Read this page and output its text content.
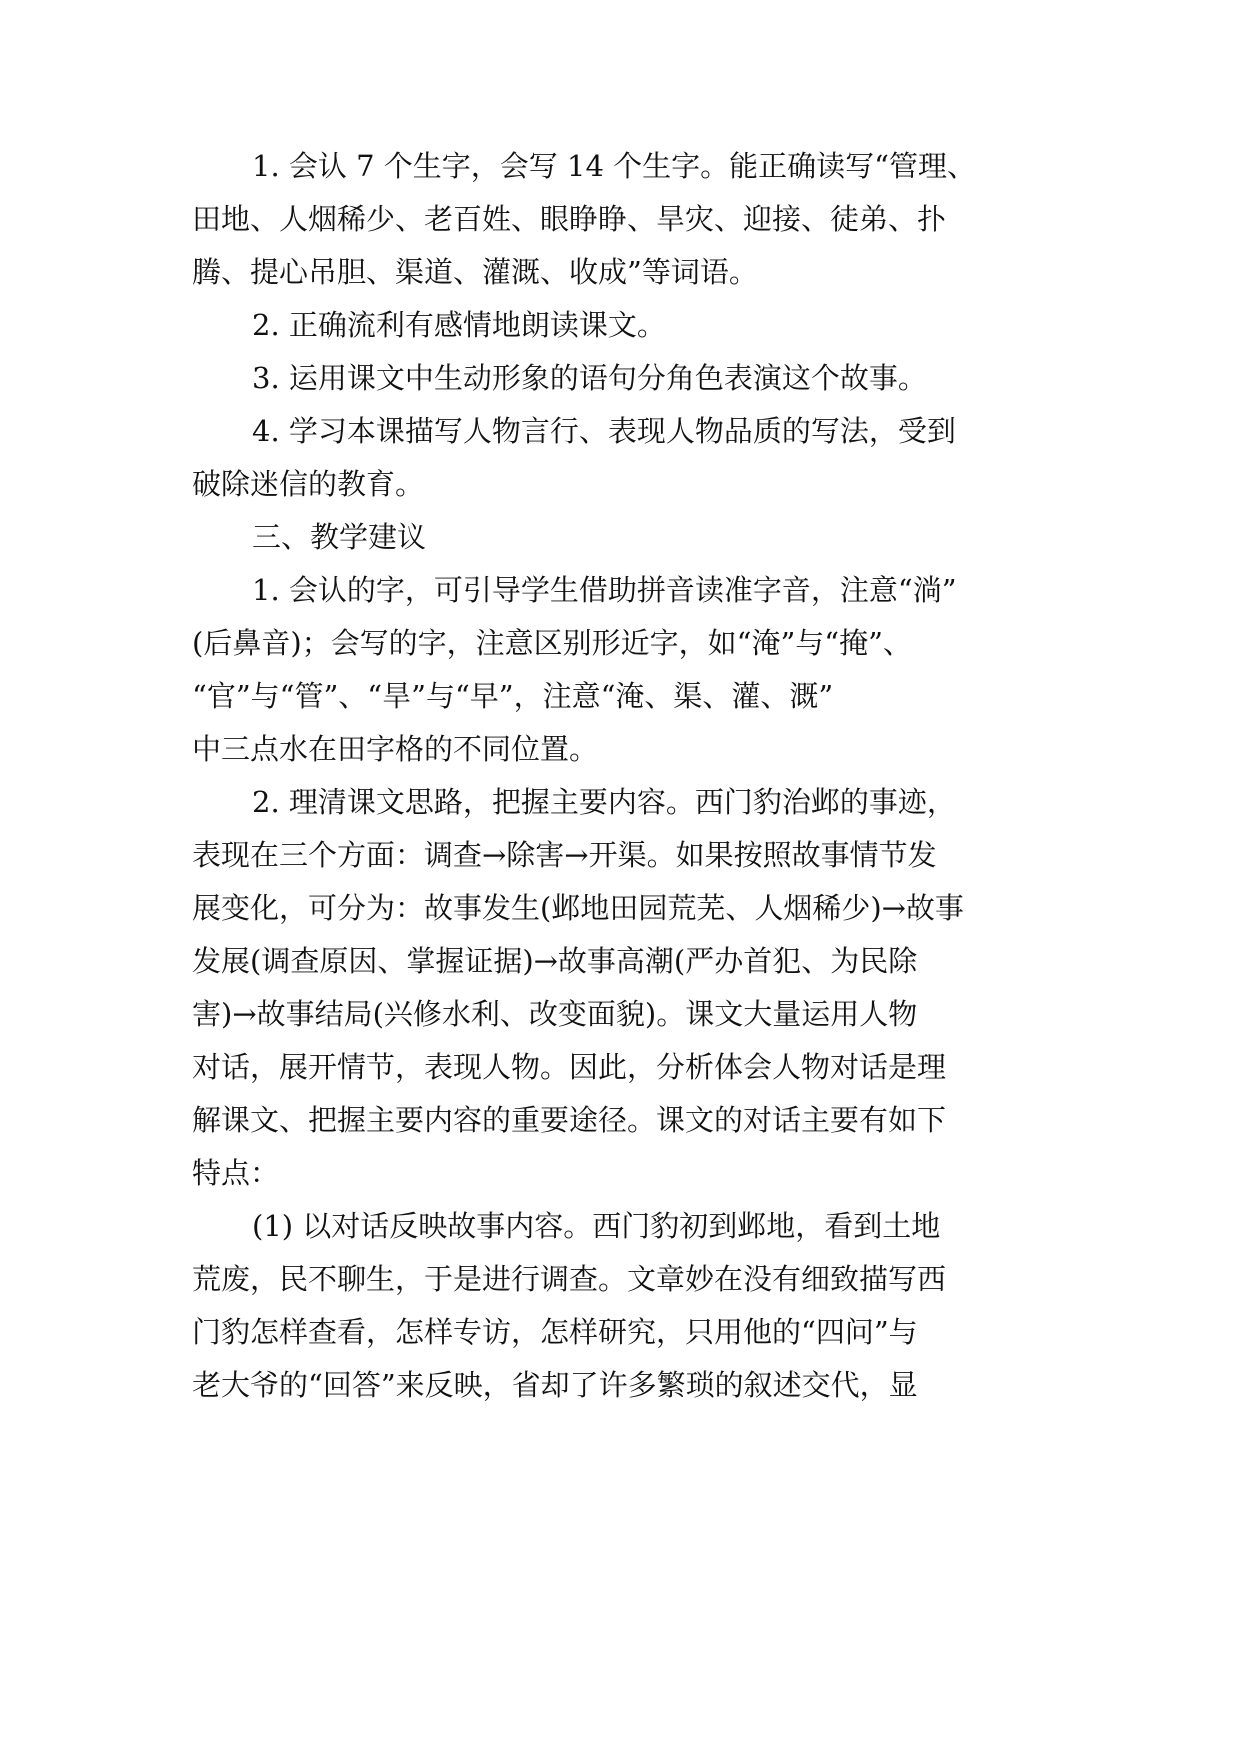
1. 会认 7 个生字，会写 14 个生字。能正确读写“管理、
田地、人烟稀少、老百姓、眼睁睁、旱灾、迎接、徒弟、扑
腾、提心吊胆、渠道、灌溉、收成”等词语。
2. 正确流利有感情地朗读课文。
3. 运用课文中生动形象的语句分角色表演这个故事。
4. 学习本课描写人物言行、表现人物品质的写法，受到
破除迷信的教育。
三、教学建议
1. 会认的字，可引导学生借助拼音读准字音，注意“淌”
(后鼻音)；会写的字，注意区别形近字，如“淹”与“掩”、
“官”与“管”、“旱”与“早”，注意“淹、渠、灌、溉”
中三点水在田字格的不同位置。
2. 理清课文思路，把握主要内容。西门豹治邺的事迹，
表现在三个方面：调查→除害→开渠。如果按照故事情节发
展变化，可分为：故事发生(邺地田园荒芜、人烟稀少)→故事
发展(调查原因、掌握证据)→故事高潮(严办首犯、为民除
害)→故事结局(兴修水利、改变面貌)。课文大量运用人物
对话，展开情节，表现人物。因此，分析体会人物对话是理
解课文、把握主要内容的重要途径。课文的对话主要有如下
特点：
(1) 以对话反映故事内容。西门豹初到邺地，看到土地
荒废，民不聊生，于是进行调查。文章妙在没有细致描写西
门豹怎样查看，怎样专访，怎样研究，只用他的“四问”与
老大爷的“回答”来反映，省却了许多繁琐的叙述交代，显
